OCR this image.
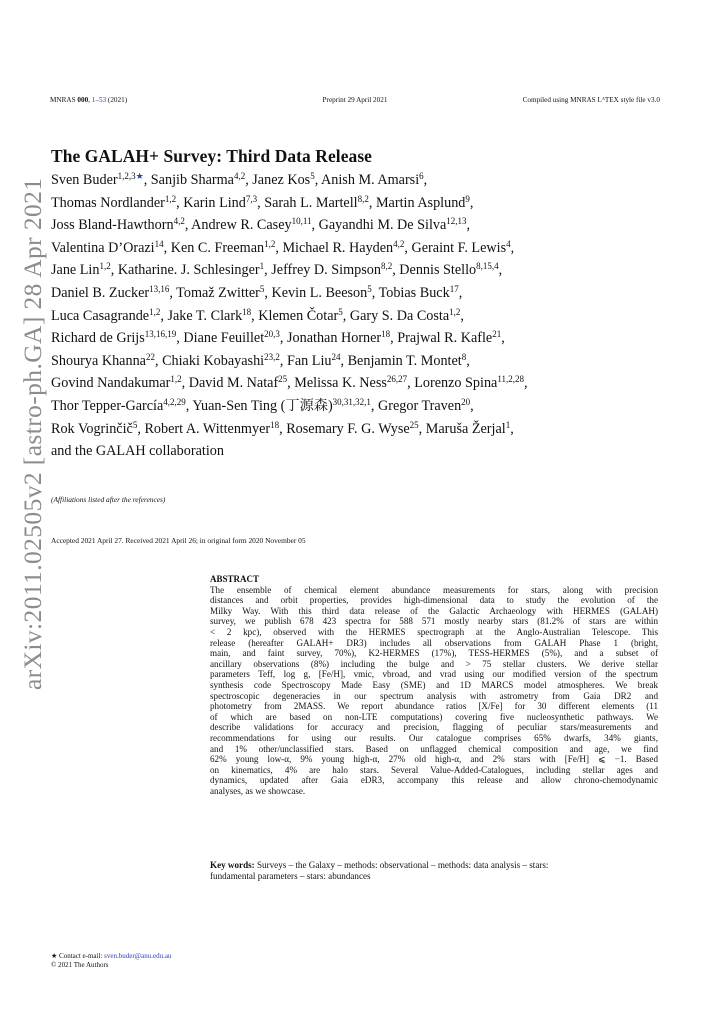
arXiv:2011.02505v2 [astro-ph.GA] 28 Apr 2021
MNRAS 000, 1–53 (2021)	Preprint 29 April 2021	Compiled using MNRAS LᴬTEX style file v3.0
The GALAH+ Survey: Third Data Release
Sven Buder$^{1,2,3★}$, Sanjib Sharma$^{4,2}$, Janez Kos$^5$, Anish M. Amarsi$^6$,
Thomas Nordlander$^{1,2}$, Karin Lind$^{7,3}$, Sarah L. Martell$^{8,2}$, Martin Asplund$^9$,
Joss Bland-Hawthorn$^{4,2}$, Andrew R. Casey$^{10,11}$, Gayandhi M. De Silva$^{12,13}$,
Valentina D’Orazi$^{14}$, Ken C. Freeman$^{1,2}$, Michael R. Hayden$^{4,2}$, Geraint F. Lewis$^4$,
Jane Lin$^{1,2}$, Katharine. J. Schlesinger$^1$, Jeffrey D. Simpson$^{8,2}$, Dennis Stello$^{8,15,4}$,
Daniel B. Zucker$^{13,16}$, Tomaž Zwitter$^5$, Kevin L. Beeson$^5$, Tobias Buck$^{17}$,
Luca Casagrande$^{1,2}$, Jake T. Clark$^{18}$, Klemen Čotar$^5$, Gary S. Da Costa$^{1,2}$,
Richard de Grijs$^{13,16,19}$, Diane Feuillet$^{20,3}$, Jonathan Horner$^{18}$, Prajwal R. Kafle$^{21}$,
Shourya Khanna$^{22}$, Chiaki Kobayashi$^{23,2}$, Fan Liu$^{24}$, Benjamin T. Montet$^8$,
Govind Nandakumar$^{1,2}$, David M. Nataf$^{25}$, Melissa K. Ness$^{26,27}$, Lorenzo Spina$^{11,2,28}$,
Thor Tepper-García$^{4,2,29}$, Yuan-Sen Ting (丁源森)$^{30,31,32,1}$, Gregor Traven$^{20}$,
Rok Vogrinčič$^5$, Robert A. Wittenmyer$^{18}$, Rosemary F. G. Wyse$^{25}$, Maruša Žerjal$^1$,
and the GALAH collaboration
(Affiliations listed after the references)
Accepted 2021 April 27. Received 2021 April 26; in original form 2020 November 05
ABSTRACT
The ensemble of chemical element abundance measurements for stars, along with precision
distances and orbit properties, provides high-dimensional data to study the evolution of the
Milky Way. With this third data release of the Galactic Archaeology with HERMES (GALAH)
survey, we publish 678 423 spectra for 588 571 mostly nearby stars (81.2% of stars are within
< 2 kpc), observed with the HERMES spectrograph at the Anglo-Australian Telescope. This
release (hereafter GALAH+ DR3) includes all observations from GALAH Phase 1 (bright,
main, and faint survey, 70%), K2-HERMES (17%), TESS-HERMES (5%), and a subset of
ancillary observations (8%) including the bulge and > 75 stellar clusters. We derive stellar
parameters Teff, log g, [Fe/H], vmic, vbroad, and vrad using our modified version of the spectrum
synthesis code Spectroscopy Made Easy (SME) and 1D MARCS model atmospheres. We break
spectroscopic degeneracies in our spectrum analysis with astrometry from Gaia DR2 and
photometry from 2MASS. We report abundance ratios [X/Fe] for 30 different elements (11
of which are based on non-LTE computations) covering five nucleosynthetic pathways. We
describe validations for accuracy and precision, flagging of peculiar stars/measurements and
recommendations for using our results. Our catalogue comprises 65% dwarfs, 34% giants,
and 1% other/unclassified stars. Based on unflagged chemical composition and age, we find
62% young low-α, 9% young high-α, 27% old high-α, and 2% stars with [Fe/H] ⩽ −1. Based
on kinematics, 4% are halo stars. Several Value-Added-Catalogues, including stellar ages and
dynamics, updated after Gaia eDR3, accompany this release and allow chrono-chemodynamic
analyses, as we showcase.
Key words: Surveys – the Galaxy – methods: observational – methods: data analysis – stars:
fundamental parameters – stars: abundances
★ Contact e-mail: sven.buder@anu.edu.au
© 2021 The Authors
